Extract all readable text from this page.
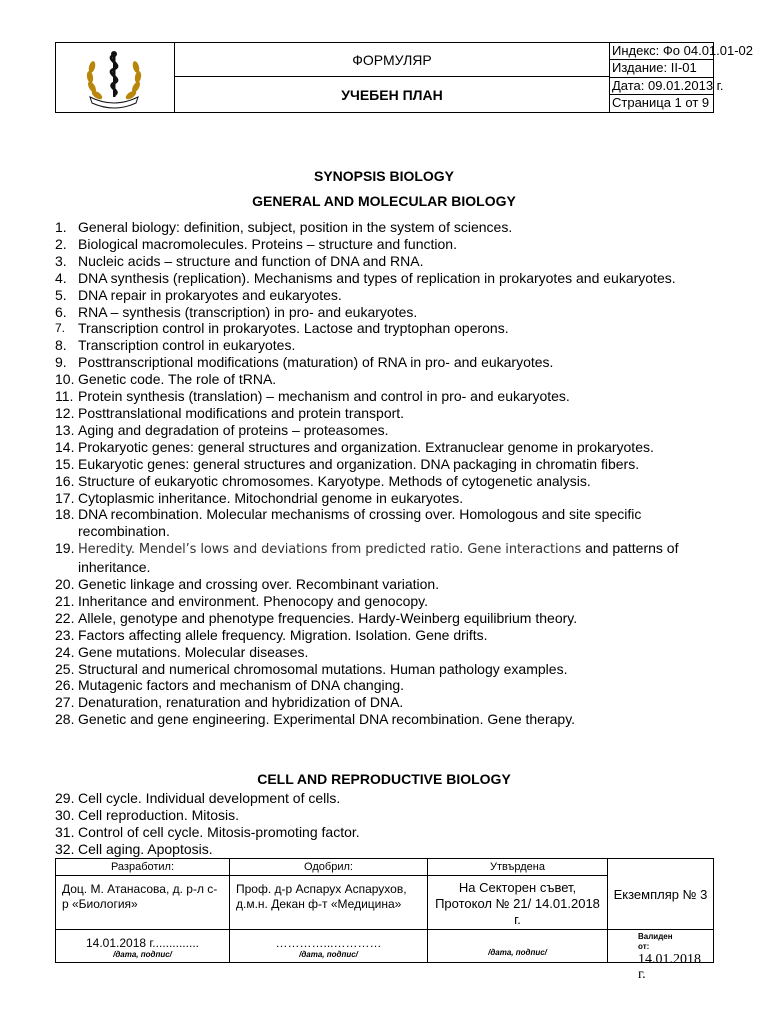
ФОРМУЛЯР
УЧЕБЕН ПЛАН
Индекс: Фо 04.01.01-02
Издание: II-01
Дата: 09.01.2013 г.
Страница 1 от 9
SYNOPSIS BIOLOGY
GENERAL AND MOLECULAR BIOLOGY
1. General biology: definition, subject, position in the system of sciences.
2. Biological macromolecules. Proteins – structure and function.
3. Nucleic acids – structure and function of DNA and RNA.
4. DNA synthesis (replication). Mechanisms and types of replication in prokaryotes and eukaryotes.
5. DNA repair in prokaryotes and eukaryotes.
6. RNA – synthesis (transcription) in pro- and eukaryotes.
7. Transcription control in prokaryotes. Lactose and tryptophan operons.
8. Transcription control in eukaryotes.
9. Posttranscriptional modifications (maturation) of RNA in pro- and eukaryotes.
10. Genetic code. The role of tRNA.
11. Protein synthesis (translation) – mechanism and control in pro- and eukaryotes.
12. Posttranslational modifications and protein transport.
13. Aging and degradation of proteins – proteasomes.
14. Prokaryotic genes: general structures and organization. Extranuclear genome in prokaryotes.
15. Eukaryotic genes: general structures and organization. DNA packaging in chromatin fibers.
16. Structure of eukaryotic chromosomes. Karyotype. Methods of cytogenetic analysis.
17. Cytoplasmic inheritance. Mitochondrial genome in eukaryotes.
18. DNA recombination. Molecular mechanisms of crossing over. Homologous and site specific recombination.
19. Heredity. Mendel’s lows and deviations from predicted ratio. Gene interactions and patterns of inheritance.
20. Genetic linkage and crossing over. Recombinant variation.
21. Inheritance and environment. Phenocopy and genocopy.
22. Allele, genotype and phenotype frequencies. Hardy-Weinberg equilibrium theory.
23. Factors affecting allele frequency. Migration. Isolation. Gene drifts.
24. Gene mutations. Molecular diseases.
25. Structural and numerical chromosomal mutations. Human pathology examples.
26. Mutagenic factors and mechanism of DNA changing.
27. Denaturation, renaturation and hybridization of DNA.
28. Genetic and gene engineering. Experimental DNA recombination. Gene therapy.
CELL AND REPRODUCTIVE BIOLOGY
29. Cell cycle. Individual development of cells.
30. Cell reproduction. Mitosis.
31. Control of cell cycle. Mitosis-promoting factor.
32. Cell aging. Apoptosis.
Разработил:
Доц. М. Атанасова, д. р-л с-р «Биология»
14.01.2018 г..............
/дата, подпис/
Одобрил:
Проф. д-р Аспарух Аспарухов, д.м.н. Декан ф-т «Медицина»
…………...…………
/дата, подпис/
Утвърдена
На Секторен съвет, Протокол № 21/ 14.01.2018 г.
/дата, подпис/
Екземпляр № 3
Валиден от:
14.01.2018 г.
